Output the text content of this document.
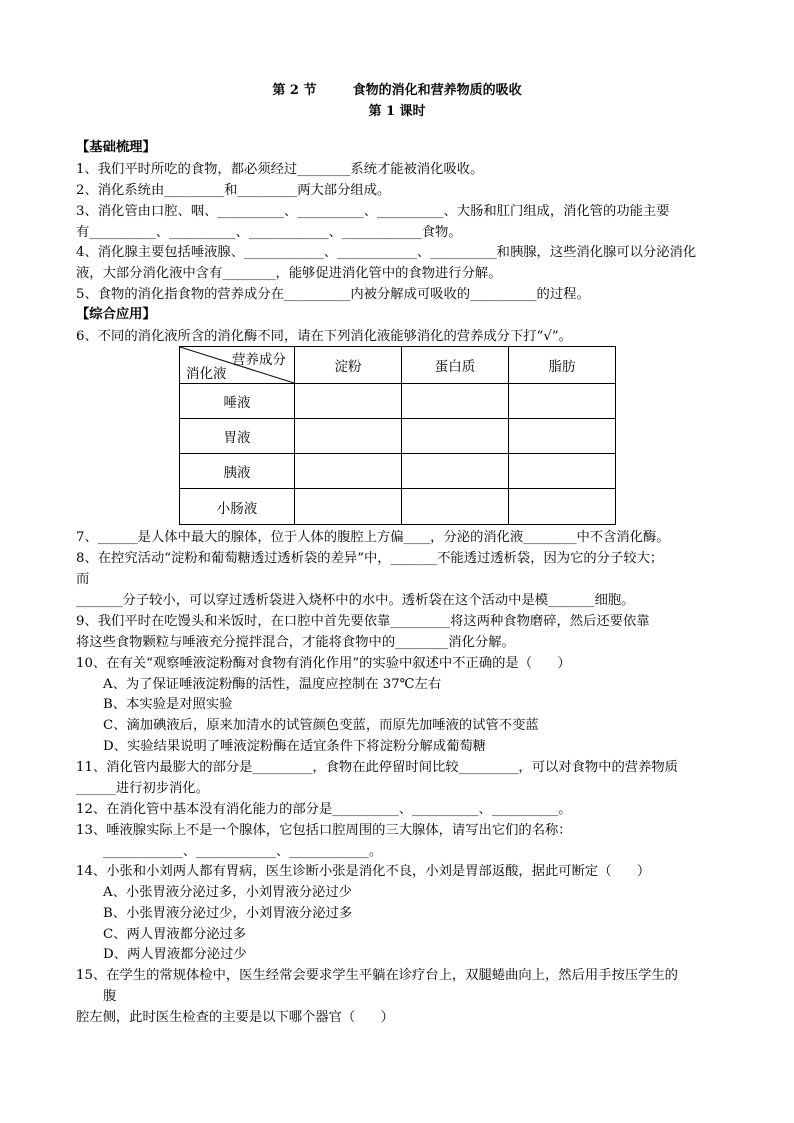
第 2 节        食物的消化和营养物质的吸收
第 1 课时
【基础梳理】
1、我们平时所吃的食物，都必须经过________系统才能被消化吸收。
2、消化系统由_________和_________两大部分组成。
3、消化管由口腔、咽、__________、__________、__________、大肠和肛门组成，消化管的功能主要
有__________、__________、____________、____________食物。
4、消化腺主要包括唾液腺、____________、____________、__________和胰腺，这些消化腺可以分泌消化
液，大部分消化液中含有________，能够促进消化管中的食物进行分解。
5、食物的消化指食物的营养成分在__________内被分解成可吸收的__________的过程。
【综合应用】
6、不同的消化液所含的消化酶不同，请在下列消化液能够消化的营养成分下打“√”。
营养成分
消化液	淀粉	蛋白质	脂肪
唾液			
胃液			
胰液			
小肠液			
7、______是人体中最大的腺体，位于人体的腹腔上方偏____，分泌的消化液________中不含消化酶。
8、在控究活动“淀粉和葡萄糖透过透析袋的差异”中，_______不能透过透析袋，因为它的分子较大；
而
_______分子较小，可以穿过透析袋进入烧杯中的水中。透析袋在这个活动中是模_______细胞。
9、我们平时在吃馒头和米饭时，在口腔中首先要依靠_________将这两种食物磨碎，然后还要依靠
将这些食物颗粒与唾液充分搅拌混合，才能将食物中的________消化分解。
10、在有关“观察唾液淀粉酶对食物有消化作用”的实验中叙述中不正确的是（      ）
A、为了保证唾液淀粉酶的活性，温度应控制在 37℃左右
B、本实验是对照实验
C、滴加碘液后，原来加清水的试管颜色变蓝，而原先加唾液的试管不变蓝
D、实验结果说明了唾液淀粉酶在适宜条件下将淀粉分解成葡萄糖
11、消化管内最膨大的部分是_________，食物在此停留时间比较_________，可以对食物中的营养物质
______进行初步消化。
12、在消化管中基本没有消化能力的部分是__________、__________、__________。
13、唾液腺实际上不是一个腺体，它包括口腔周围的三大腺体，请写出它们的名称：
____________、____________、____________。
14、小张和小刘两人都有胃病，医生诊断小张是消化不良，小刘是胃部返酸，据此可断定（      ）
A、小张胃液分泌过多，小刘胃液分泌过少
B、小张胃液分泌过少，小刘胃液分泌过多
C、两人胃液都分泌过多
D、两人胃液都分泌过少
15、在学生的常规体检中，医生经常会要求学生平躺在诊疗台上，双腿蜷曲向上，然后用手按压学生的
腹
腔左侧，此时医生检查的主要是以下哪个器官（      ）
